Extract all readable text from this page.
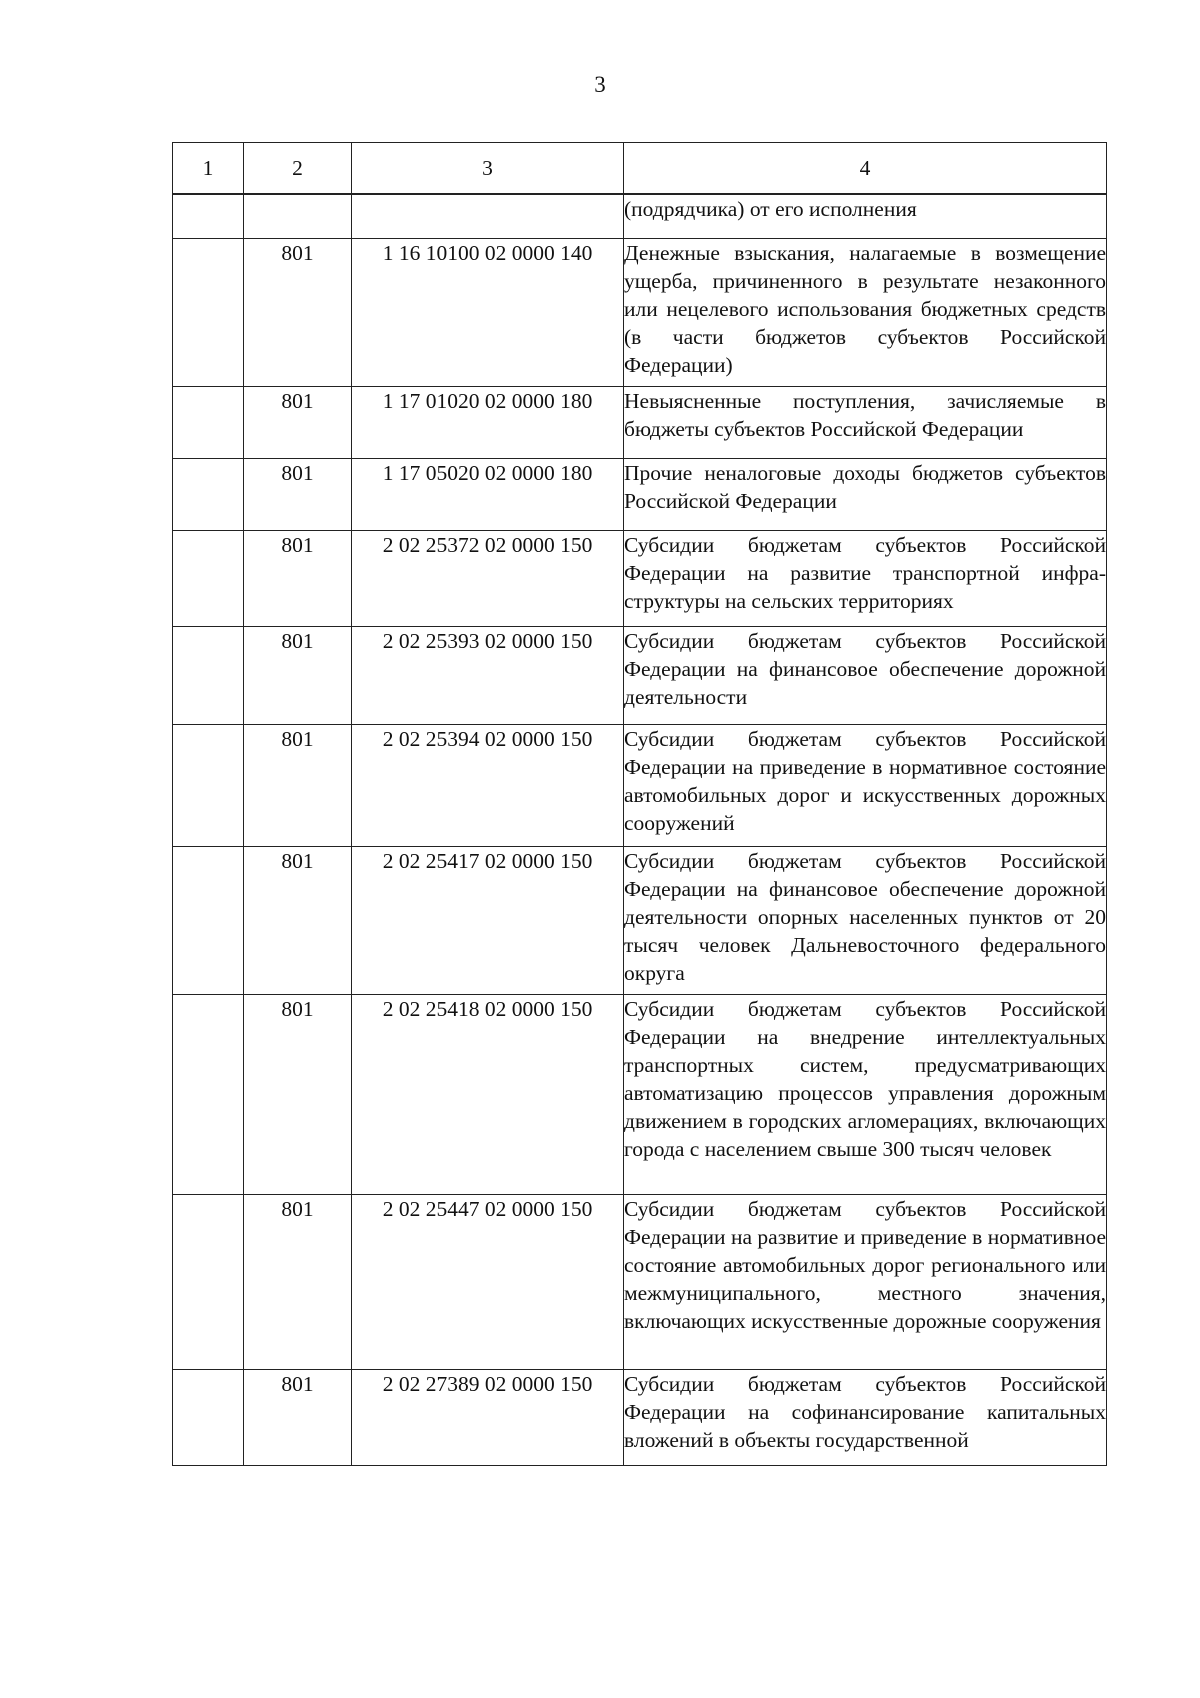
3
1	2	3	4
			(подрядчика) от его исполнения
	801	1 16 10100 02 0000 140	Денежные взыскания, налагаемые в возмещение ущерба, причиненного в результате незаконного или нецелевого использования бюджетных средств (в части бюджетов субъектов Российской Федерации)
	801	1 17 01020 02 0000 180	Невыясненные поступления, зачисляемые в бюджеты субъектов Российской Федерации
	801	1 17 05020 02 0000 180	Прочие неналоговые доходы бюджетов субъектов Российской Федерации
	801	2 02 25372 02 0000 150	Субсидии бюджетам субъектов Российской Федерации на развитие транспортной инфраструктуры на сельских территориях
	801	2 02 25393 02 0000 150	Субсидии бюджетам субъектов Российской Федерации на финансовое обеспечение дорожной деятельности
	801	2 02 25394 02 0000 150	Субсидии бюджетам субъектов Российской Федерации на приведение в нормативное состояние автомобильных дорог и искусственных дорожных сооружений
	801	2 02 25417 02 0000 150	Субсидии бюджетам субъектов Российской Федерации на финансовое обеспечение дорожной деятельности опорных населенных пунктов от 20 тысяч человек Дальневосточного федерального округа
	801	2 02 25418 02 0000 150	Субсидии бюджетам субъектов Российской Федерации на внедрение интеллектуальных транспортных систем, предусматривающих автоматизацию процессов управления дорожным движением в городских агломерациях, включающих города с населением свыше 300 тысяч человек
	801	2 02 25447 02 0000 150	Субсидии бюджетам субъектов Российской Федерации на развитие и приведение в нормативное состояние автомобильных дорог регионального или межмуниципального, местного значения, включающих искусственные дорожные сооружения
	801	2 02 27389 02 0000 150	Субсидии бюджетам субъектов Российской Федерации на софинансирование капитальных вложений в объекты государственной
